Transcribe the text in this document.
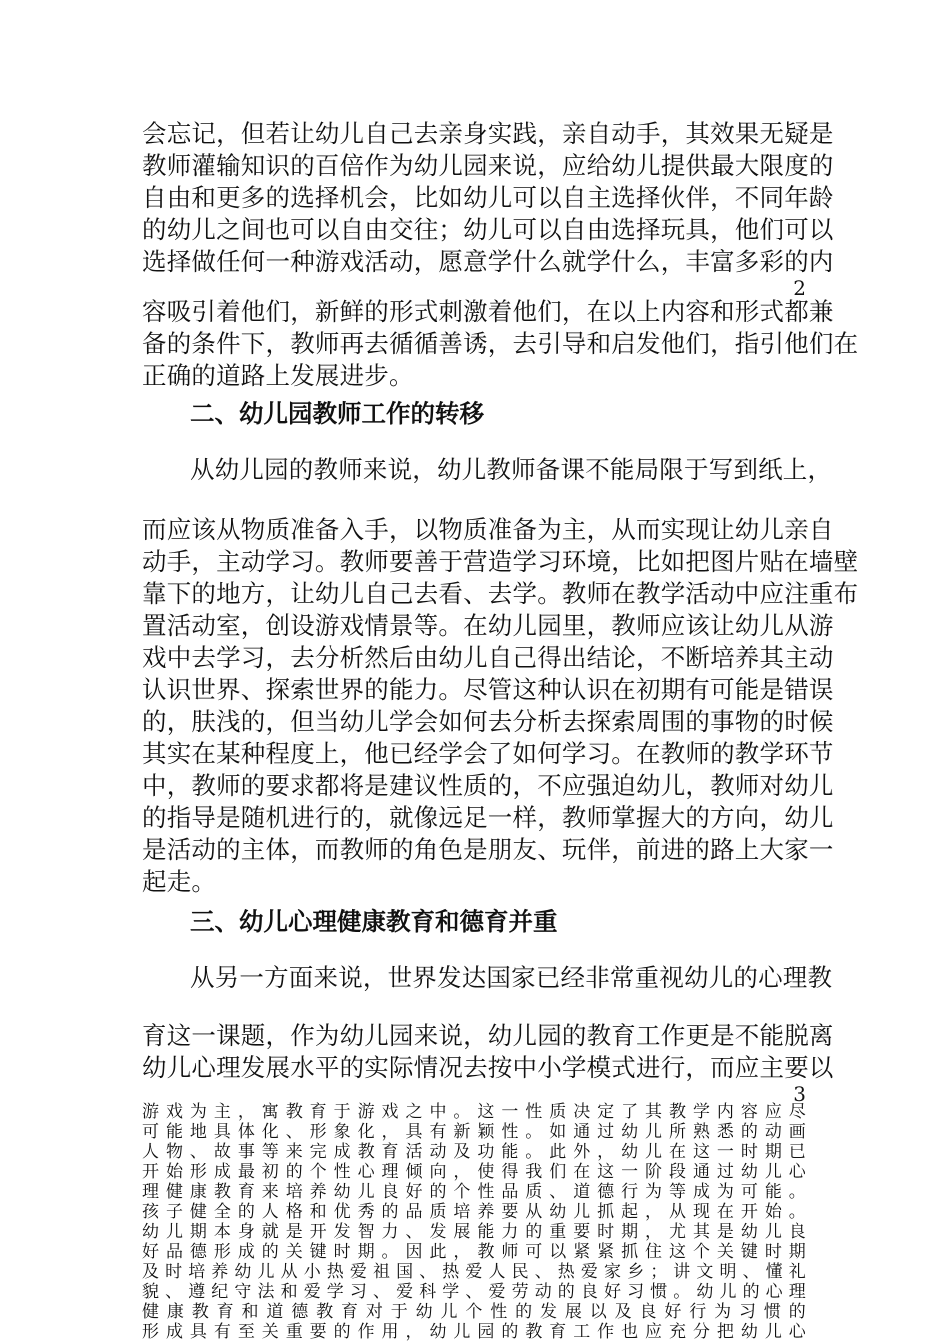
会忘记，但若让幼儿自己去亲身实践，亲自动手，其效果无疑是
教师灌输知识的百倍作为幼儿园来说，应给幼儿提供最大限度的
自由和更多的选择机会，比如幼儿可以自主选择伙伴，不同年龄
的幼儿之间也可以自由交往；幼儿可以自由选择玩具，他们可以
选择做任何一种游戏活动，愿意学什么就学什么，丰富多彩的内
2
容吸引着他们，新鲜的形式刺激着他们，在以上内容和形式都兼
备的条件下，教师再去循循善诱，去引导和启发他们，指引他们在
正确的道路上发展进步。
二、幼儿园教师工作的转移
从幼儿园的教师来说，幼儿教师备课不能局限于写到纸上，
而应该从物质准备入手，以物质准备为主，从而实现让幼儿亲自
动手，主动学习。教师要善于营造学习环境，比如把图片贴在墙壁
靠下的地方，让幼儿自己去看、去学。教师在教学活动中应注重布
置活动室，创设游戏情景等。在幼儿园里，教师应该让幼儿从游
戏中去学习，去分析然后由幼儿自己得出结论，不断培养其主动
认识世界、探索世界的能力。尽管这种认识在初期有可能是错误
的，肤浅的，但当幼儿学会如何去分析去探索周围的事物的时候
其实在某种程度上，他已经学会了如何学习。在教师的教学环节
中，教师的要求都将是建议性质的，不应强迫幼儿，教师对幼儿
的指导是随机进行的，就像远足一样，教师掌握大的方向，幼儿
是活动的主体，而教师的角色是朋友、玩伴，前进的路上大家一
起走。
三、幼儿心理健康教育和德育并重
从另一方面来说，世界发达国家已经非常重视幼儿的心理教
育这一课题，作为幼儿园来说，幼儿园的教育工作更是不能脱离
幼儿心理发展水平的实际情况去按中小学模式进行，而应主要以
3
游戏为主，寓教育于游戏之中。这一性质决定了其教学内容应尽
可能地具体化、形象化，具有新颖性。如通过幼儿所熟悉的动画
人物、故事等来完成教育活动及功能。此外，幼儿在这一时期已
开始形成最初的个性心理倾向，使得我们在这一阶段通过幼儿心
理健康教育来培养幼儿良好的个性品质、道德行为等成为可能。
孩子健全的人格和优秀的品质培养要从幼儿抓起，从现在开始。
幼儿期本身就是开发智力、发展能力的重要时期，尤其是幼儿良
好品德形成的关键时期。因此，教师可以紧紧抓住这个关键时期
及时培养幼儿从小热爱祖国、热爱人民、热爱家乡；讲文明、懂礼
貌、遵纪守法和爱学习、爱科学、爱劳动的良好习惯。幼儿的心理
健康教育和道德教育对于幼儿个性的发展以及良好行为习惯的
形成具有至关重要的作用，幼儿园的教育工作也应充分把幼儿心
